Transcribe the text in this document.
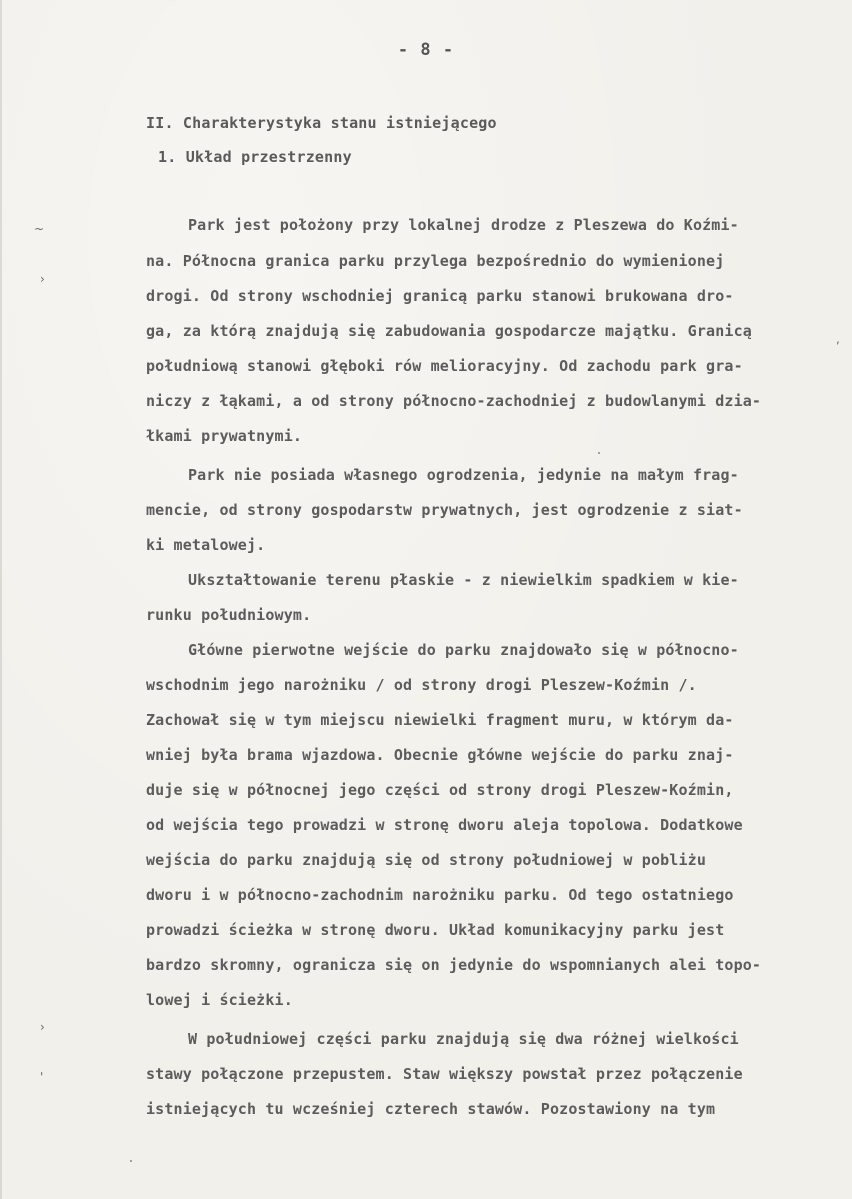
- 8 -
II. Charakterystyka stanu istniejącego
1. Układ przestrzenny
Park jest położony przy lokalnej drodze z Pleszewa do Koźmi-
na. Północna granica parku przylega bezpośrednio do wymienionej
drogi. Od strony wschodniej granicą parku stanowi brukowana dro-
ga, za którą znajdują się zabudowania gospodarcze majątku. Granicą
południową stanowi głęboki rów melioracyjny. Od zachodu park gra-
niczy z łąkami, a od strony północno-zachodniej z budowlanymi dzia-
łkami prywatnymi.
Park nie posiada własnego ogrodzenia, jedynie na małym frag-
mencie, od strony gospodarstw prywatnych, jest ogrodzenie z siat-
ki metalowej.
Ukształtowanie terenu płaskie - z niewielkim spadkiem w kie-
runku południowym.
Główne pierwotne wejście do parku znajdowało się w północno-
wschodnim jego narożniku / od strony drogi Pleszew-Koźmin /.
Zachował się w tym miejscu niewielki fragment muru, w którym da-
wniej była brama wjazdowa. Obecnie główne wejście do parku znaj-
duje się w północnej jego części od strony drogi Pleszew-Koźmin,
od wejścia tego prowadzi w stronę dworu aleja topolowa. Dodatkowe
wejścia do parku znajdują się od strony południowej w pobliżu
dworu i w północno-zachodnim narożniku parku. Od tego ostatniego
prowadzi ścieżka w stronę dworu. Układ komunikacyjny parku jest
bardzo skromny, ogranicza się on jedynie do wspomnianych alei topo-
lowej i ścieżki.
W południowej części parku znajdują się dwa różnej wielkości
stawy połączone przepustem. Staw większy powstał przez połączenie
istniejących tu wcześniej czterech stawów. Pozostawiony na tym
~
›
›
'
,
